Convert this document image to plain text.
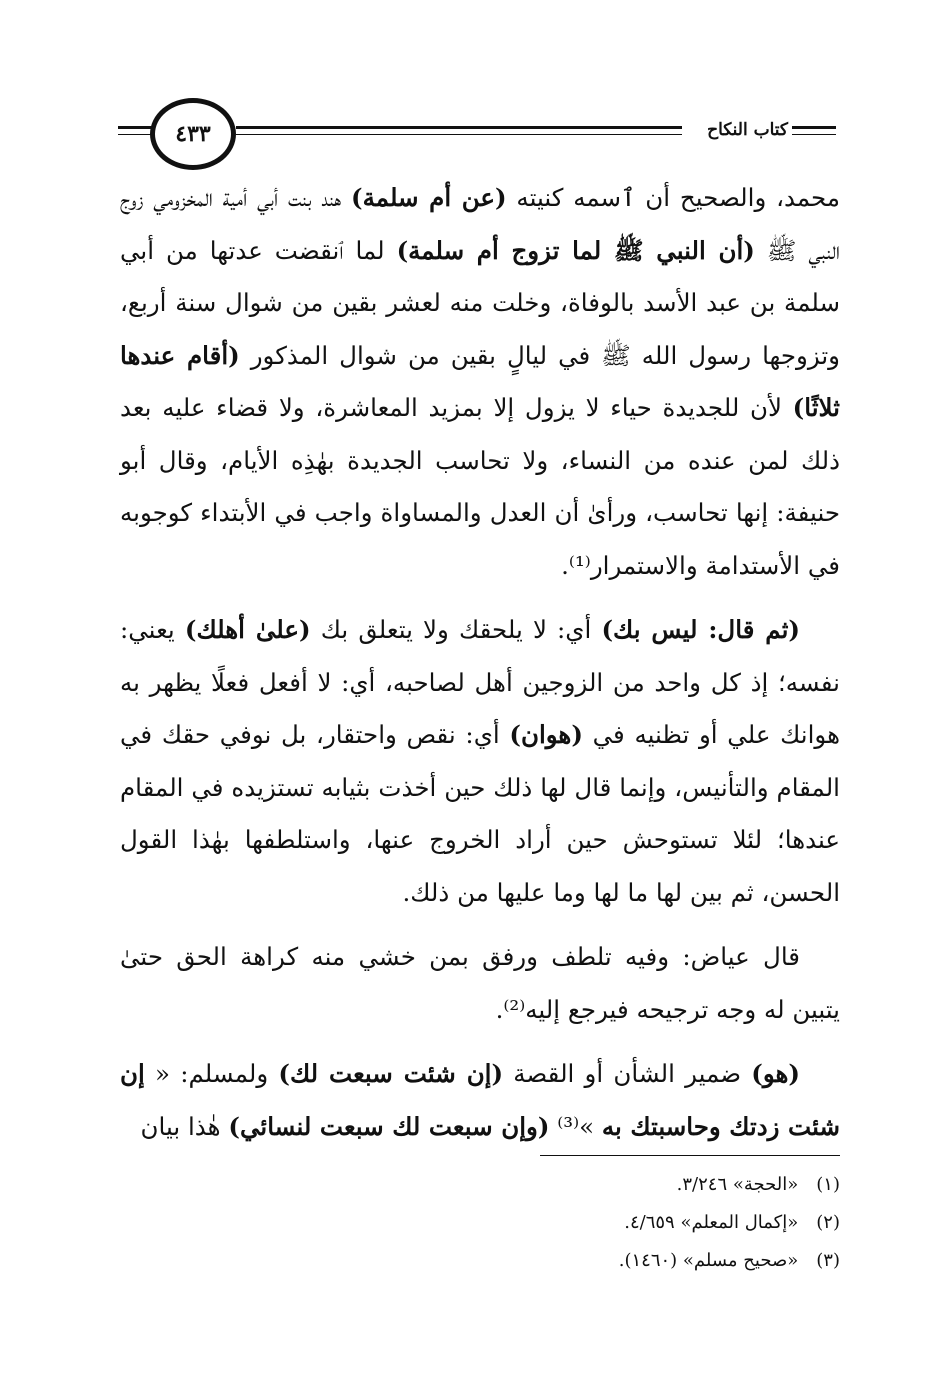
٤٣٣	كتاب النكاح

محمد، والصحيح أن ٱسمه كنيته (عن أم سلمة) هند بنت أبي أمية المخزومي زوج النبي ﷺ (أن النبي ﷺ لما تزوج أم سلمة) لما ٱنقضت عدتها من أبي سلمة بن عبد الأسد بالوفاة، وخلت منه لعشر بقين من شوال سنة أربع، وتزوجها رسول الله ﷺ في ليالٍ بقين من شوال المذكور (أقام عندها ثلاثًا) لأن للجديدة حياء لا يزول إلا بمزيد المعاشرة، ولا قضاء عليه بعد ذلك لمن عنده من النساء، ولا تحاسب الجديدة بهٰذِه الأيام، وقال أبو حنيفة: إنها تحاسب، ورأىٰ أن العدل والمساواة واجب في الأبتداء كوجوبه في الأستدامة والاستمرار⁽¹⁾.

(ثم قال: ليس بك) أي: لا يلحقك ولا يتعلق بك (علىٰ أهلك) يعني: نفسه؛ إذ كل واحد من الزوجين أهل لصاحبه، أي: لا أفعل فعلًا يظهر به هوانك علي أو تظنيه في (هوان) أي: نقص واحتقار، بل نوفي حقك في المقام والتأنيس، وإنما قال لها ذلك حين أخذت بثيابه تستزيده في المقام عندها؛ لئلا تستوحش حين أراد الخروج عنها، واستلطفها بهٰذا القول الحسن، ثم بين لها ما لها وما عليها من ذلك.

قال عياض: وفيه تلطف ورفق بمن خشي منه كراهة الحق حتىٰ يتبين له وجه ترجيحه فيرجع إليه⁽²⁾.

(هو) ضمير الشأن أو القصة (إن شئت سبعت لك) ولمسلم: « إن شئت زدتك وحاسبتك به »⁽³⁾ (وإن سبعت لك سبعت لنسائي) هٰذا بيان

(١) «الحجة» ٣/٢٤٦.
(٢) «إكمال المعلم» ٤/٦٥٩.
(٣) «صحيح مسلم» (١٤٦٠).
